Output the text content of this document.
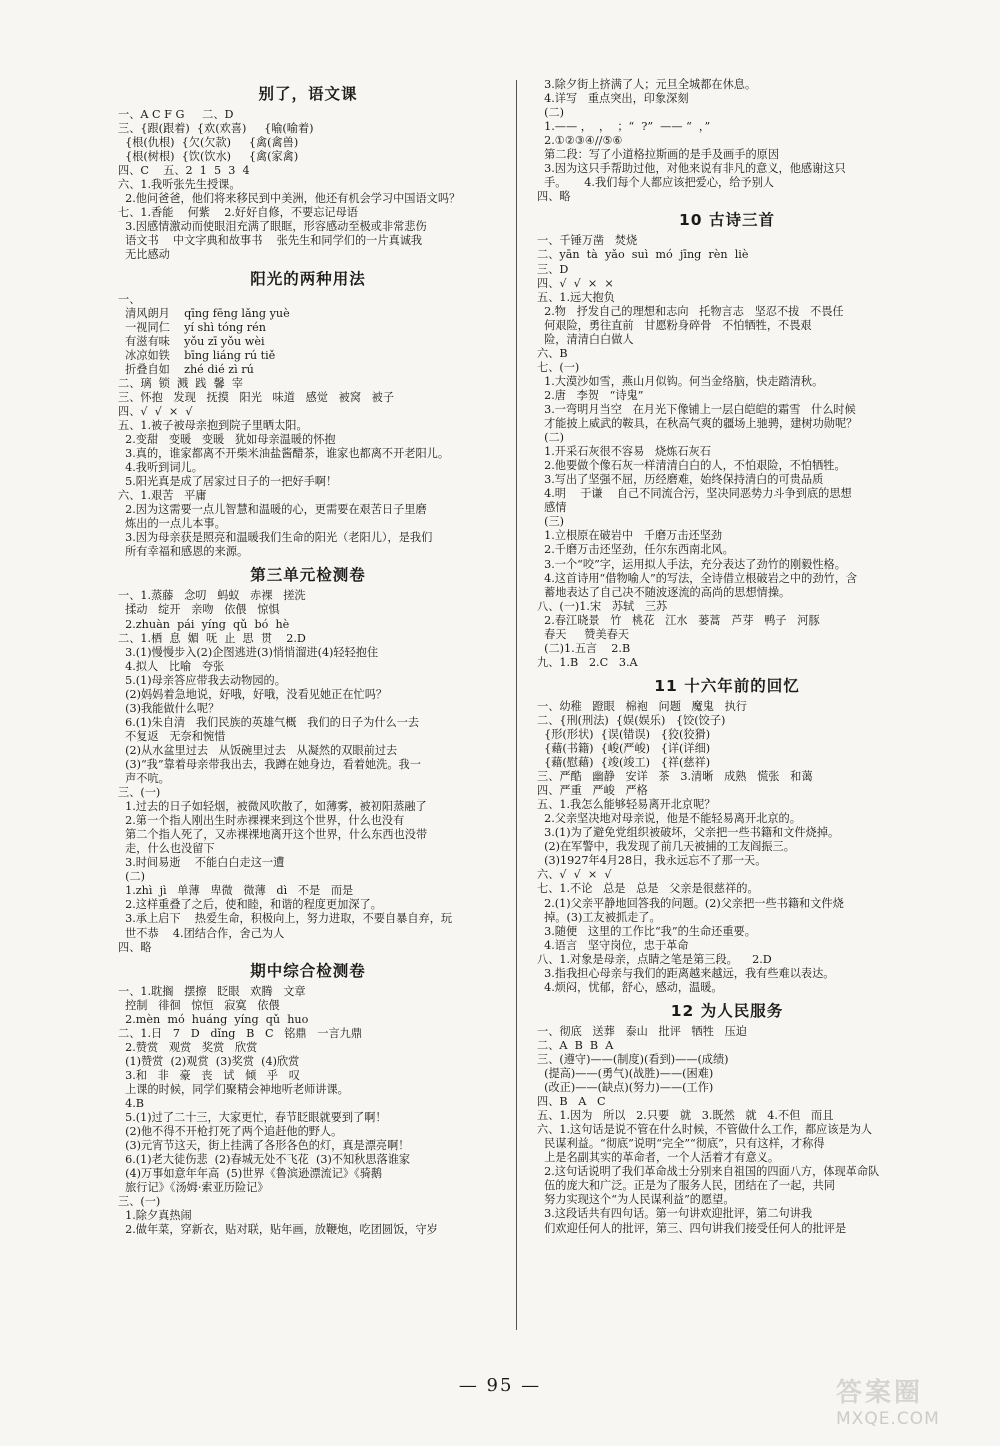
别了，语文课
一、A C F G     二、D
三、{跟(跟着)  {欢(欢喜)     {喻(喻着)
{根(仇根)  {欠(欠款)     {禽(禽兽)
{根(树根)  {饮(饮水)     {禽(家禽)
四、C    五、2  1  5  3  4
六、1.我听张先生授课。
2.他问爸爸，他们将来移民到中美洲，他还有机会学习中国语文吗？
七、1.香能    何紫    2.好好自修，不要忘记母语
3.因感情激动而使眼泪充满了眼眶，形容感动至极或非常悲伤
语文书    中文字典和故事书    张先生和同学们的一片真诚我
无比感动
阳光的两种用法
一、
清风朗月    qīng fēng lǎng yuè
一视同仁    yí shì tóng rén
有滋有味    yǒu zī yǒu wèi
冰凉如铁    bīng liáng rú tiě
折叠自如    zhé dié zì rú
二、璃  锁  溅  践  馨  宰
三、怀抱   发现   抚摸   阳光   味道   感觉   被窝   被子
四、√  √  ×  √
五、1.被子被母亲抱到院子里晒太阳。
2.变甜   变暖   变暖   犹如母亲温暖的怀抱
3.真的，谁家都离不开柴米油盐酱醋茶，谁家也都离不开老阳儿。
4.我听到词儿。
5.阳光真是成了居家过日子的一把好手啊！
六、1.艰苦   平庸
2.因为这需要一点儿智慧和温暖的心，更需要在艰苦日子里磨
炼出的一点儿本事。
3.因为母亲获是照亮和温暖我们生命的阳光（老阳儿），是我们
所有幸福和感恩的来源。
第三单元检测卷
一、1.蒸藤   念叨   蚂蚁   赤裸   搓洗
揉动   绽开   亲吻   依偎   惊惧
2.zhuàn  pái  yíng  qǔ  bó  hè
二、1.栖  息  媚  呒  止  思  贯    2.D
3.(1)慢慢步入(2)企图逃进(3)悄悄溜进(4)轻轻抱住
4.拟人   比喻   夸张
5.(1)母亲答应带我去动物园的。
(2)妈妈着急地说，好哦，好哦，没看见她正在忙吗？
(3)我能做什么呢？
6.(1)朱自清   我们民族的英雄气概   我们的日子为什么一去
不复返   无奈和惋惜
(2)从水盆里过去   从饭碗里过去   从凝然的双眼前过去
(3)“我”靠着母亲带我出去，我蹲在她身边，看着她洗。我一
声不吭。
三、(一)
1.过去的日子如轻烟，被微风吹散了，如薄雾，被初阳蒸融了
2.第一个指人刚出生时赤裸裸来到这个世界，什么也没有
第二个指人死了，又赤裸裸地离开这个世界，什么东西也没带
走，什么也没留下
3.时间易逝    不能白白走这一遭
(二)
1.zhì  jì   单薄   卑微   微薄   dì   不是   而是
2.这样重叠了之后，使和睦，和谐的程度更加深了。
3.承上启下    热爱生命，积极向上，努力进取，不要自暴自弃，玩
世不恭    4.团结合作，舍己为人
四、略
期中综合检测卷
一、1.耽搁   摆擦   眨眼   欢腾   文章
控制   徘徊   惊恒   寂寞   依偎
2.mèn  mó  huáng  yíng  qǔ  huo
二、1.日   7   D   dǐng   B   C   铭鼎   一言九鼎
2.赞赏   观赏   奖赏   欣赏
(1)赞赏  (2)观赏  (3)奖赏  (4)欣赏
3.和   非   豪   丧   试   倾   乎   叹
上课的时候，同学们聚精会神地听老师讲课。
4.B
5.(1)过了二十三，大家更忙，春节眨眼就要到了啊！
(2)他不得不开枪打死了两个追赶他的野人。
(3)元宵节这天，街上挂满了各形各色的灯，真是漂亮啊！
6.(1)老大徒伤悲  (2)春城无处不飞花  (3)不知秋思落谁家
(4)万事如意年年高  (5)世界《鲁滨逊漂流记》《骑鹅
旅行记》《汤姆·索亚历险记》
三、(一)
1.除夕真热闹
2.做年菜，穿新衣，贴对联，贴年画，放鞭炮，吃团圆饭，守岁
3.除夕街上挤满了人；元旦全城都在休息。
4.详写   重点突出，印象深刻
(二)
1.—— ，  ，  ；“  ?”  —— “  ，”
2.①②③④//⑤⑥
第二段：写了小道格拉斯画的是手及画手的原因
3.因为这只手帮助过他，对他来说有非凡的意义，他感谢这只
手。     4.我们每个人都应该把爱心，给予别人
四、略
10 古诗三首
一、千锤万凿   焚烧
二、yān  tà  yǎo  suì  mó  jīng  rèn  liè
三、D
四、√  √  ×  ×
五、1.远大抱负
2.物   抒发自己的理想和志向   托物言志   坚忍不拔   不畏任
何艰险，勇往直前   甘愿粉身碎骨   不怕牺牲，不畏艰
险，清清白白做人
六、B
七、(一)
1.大漠沙如雪，燕山月似钩。何当金络脑，快走踏清秋。
2.唐   李贺   “诗鬼”
3.一弯明月当空   在月光下像铺上一层白皑皑的霜雪   什么时候
才能披上威武的鞍具，在秋高气爽的疆场上驰骋，建树功勋呢？
(二)
1.开采石灰很不容易   烧炼石灰石
2.他要做个像石灰一样清清白白的人，不怕艰险，不怕牺牲。
3.写出了坚强不屈，历经磨难，始终保持清白的可贵品质
4.明    于谦    自己不同流合污，坚决同恶势力斗争到底的思想
感情
(三)
1.立根原在破岩中   千磨万击还坚劲
2.千磨万击还坚劲，任尔东西南北风。
3.一个“咬”字，运用拟人手法，充分表达了劲竹的刚毅性格。
4.这首诗用“借物喻人”的写法，全诗借立根破岩之中的劲竹，含
蓄地表达了自己决不随波逐流的高尚的思想情操。
八、(一)1.宋   苏轼   三苏
2.春江晓景   竹   桃花   江水   蒌蒿   芦芽   鸭子   河豚
春天     赞美春天
(二)1.五言    2.B
九、1.B   2.C   3.A
11 十六年前的回忆
一、幼稚   蹬眼   棉袍   问题   魔鬼   执行
二、{刑(刑法)  {娱(娱乐)   {饺(饺子)
{形(形状)  {误(错误)   {狡(狡猾)
{藉(书籍)  {峻(严峻)   {详(详细)
{藉(慰藉)  {竣(竣工)   {祥(慈祥)
三、严酷   幽静   安详   茶   3.清晰   成熟   慌张   和蔼
四、严重   严峻   严格
五、1.我怎么能够轻易离开北京呢？
2.父亲坚决地对母亲说，他是不能轻易离开北京的。
3.(1)为了避免党组织被破坏，父亲把一些书籍和文件烧掉。
(2)在军警中，我发现了前几天被捕的工友阎振三。
(3)1927年4月28日，我永远忘不了那一天。
六、√  √  ×  √
七、1.不论   总是   总是   父亲是很慈祥的。
2.(1)父亲平静地回答我的问题。(2)父亲把一些书籍和文件烧
掉。(3)工友被抓走了。
3.随便   这里的工作比“我”的生命还重要。
4.语言   坚守岗位，忠于革命
八、1.对象是母亲，点睛之笔是第三段。    2.D
3.指我担心母亲与我们的距离越来越远，我有些难以表达。
4.烦闷，忧郁，舒心，感动，温暖。
12 为人民服务
一、彻底   送葬   泰山   批评   牺牲   压迫
二、A  B  B  A
三、(遵守)——(制度)(看到)——(成绩)
(提高)——(勇气)(战胜)——(困难)
(改正)——(缺点)(努力)——(工作)
四、B   A   C
五、1.因为   所以   2.只要   就   3.既然   就   4.不但   而且
六、1.这句话是说不管在什么时候，不管做什么工作，都应该是为人
民谋利益。“彻底”说明“完全”“彻底”，只有这样，才称得
上是名副其实的革命者，一个人活着才有意义。
2.这句话说明了我们革命战士分别来自祖国的四面八方，体现革命队
伍的庞大和广泛。正是为了服务人民，团结在了一起，共同
努力实现这个“为人民谋利益”的愿望。
3.这段话共有四句话。第一句讲欢迎批评，第二句讲我
们欢迎任何人的批评，第三、四句讲我们接受任何人的批评是
— 95 —	答案圈
MXQE.COM
